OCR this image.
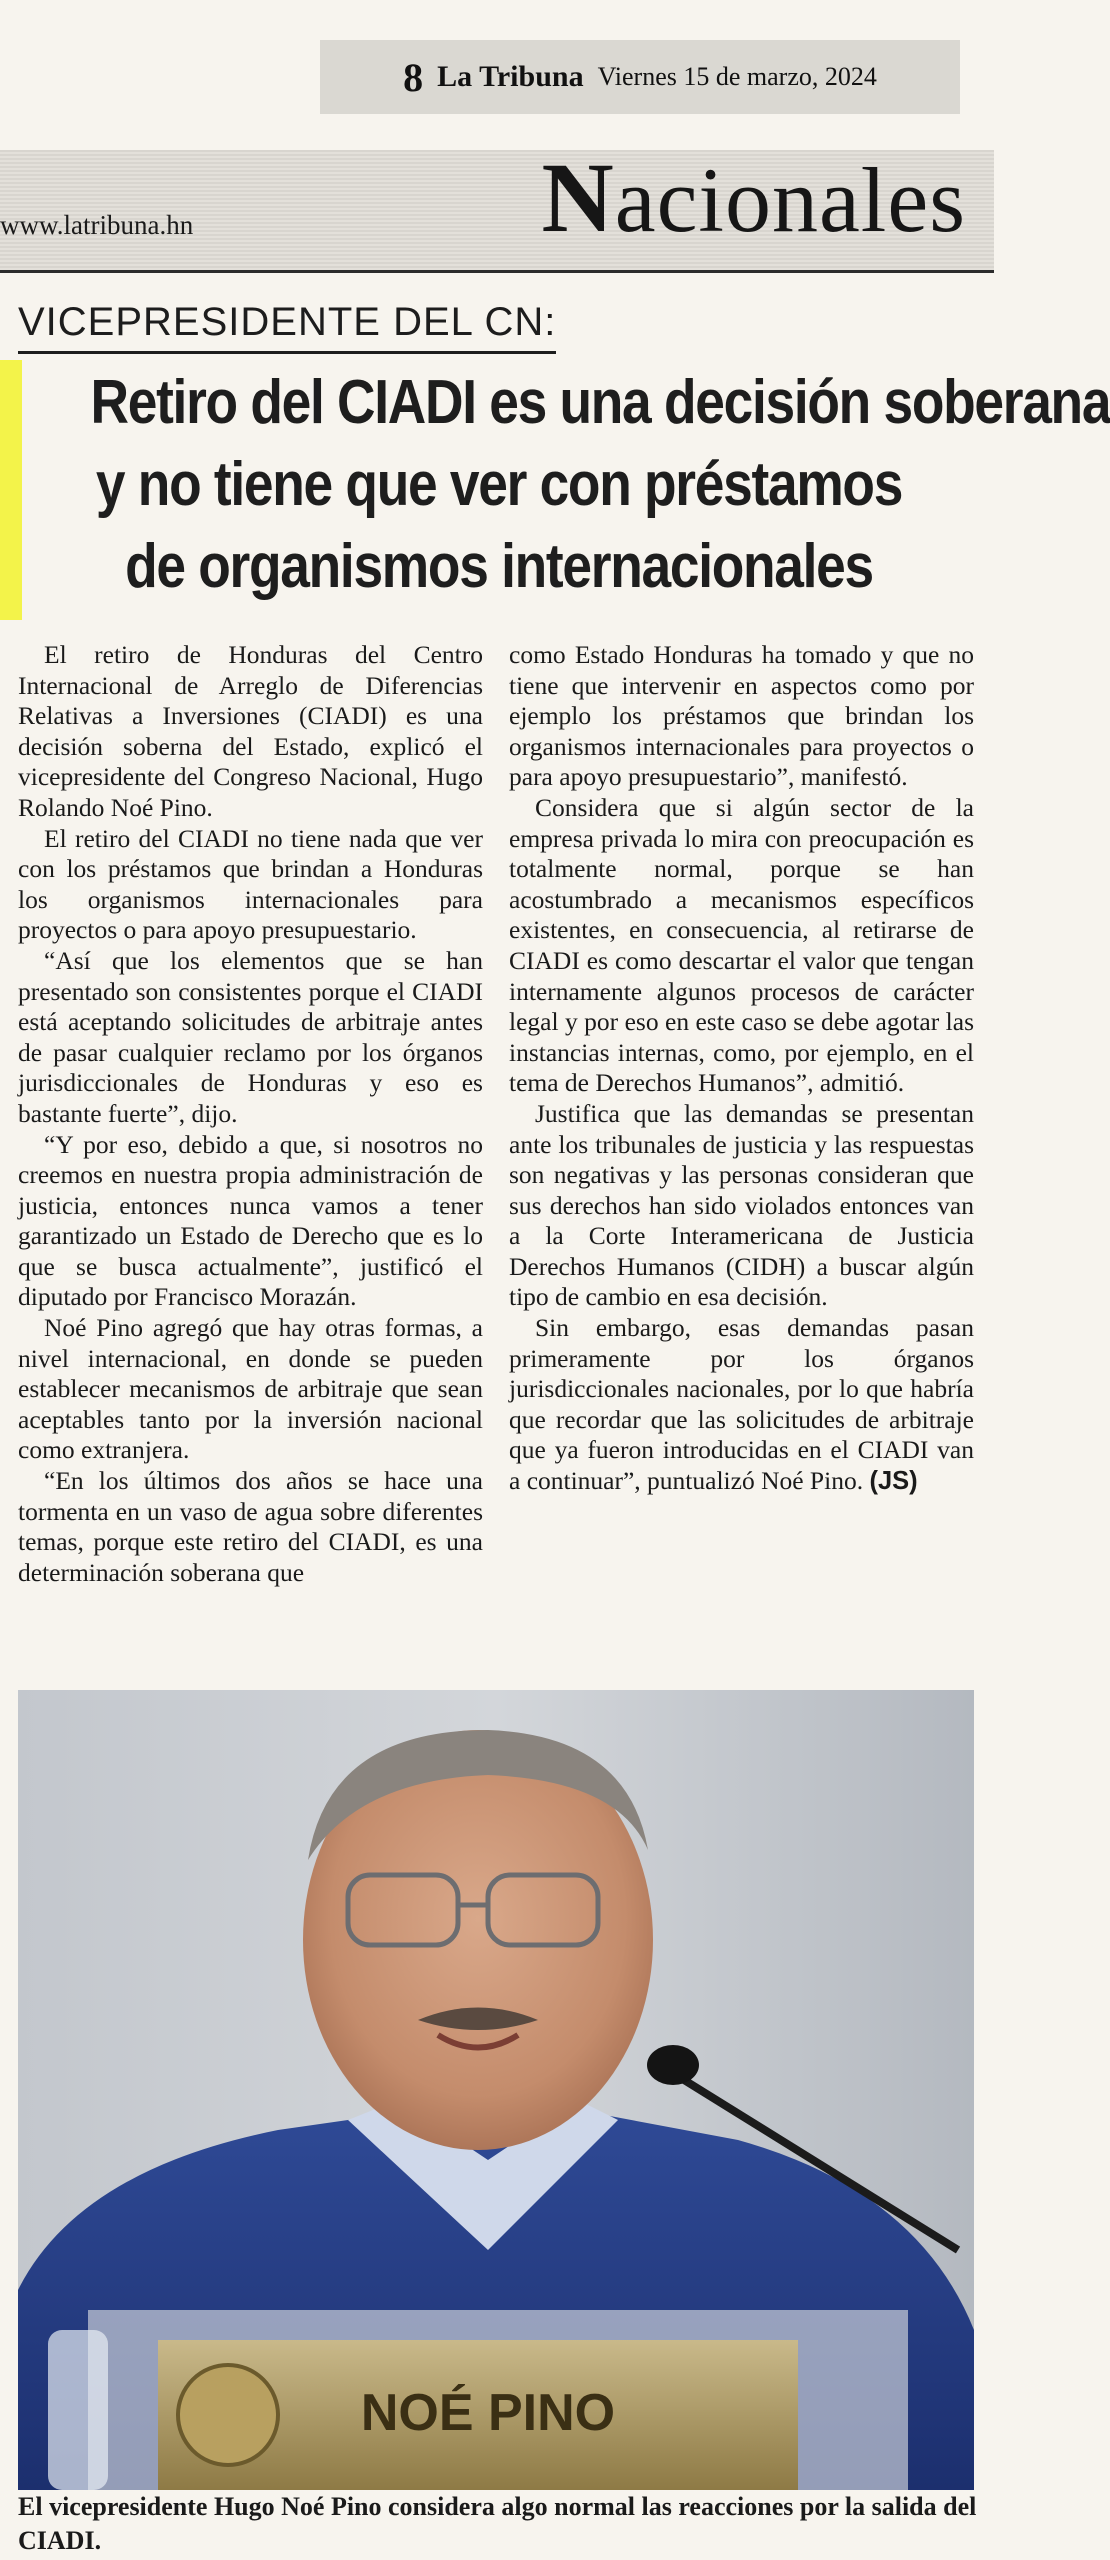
8 La Tribuna Viernes 15 de marzo, 2024
www.latribuna.hn	Nacionales
VICEPRESIDENTE DEL CN:
Retiro del CIADI es una decisión soberana
y no tiene que ver con préstamos
de organismos internacionales

El retiro de Honduras del Centro Internacional de Arreglo de Diferencias Relativas a Inversiones (CIADI) es una decisión soberna del Estado, explicó el vicepresidente del Congreso Nacional, Hugo Rolando Noé Pino.

El retiro del CIADI no tiene nada que ver con los préstamos que brindan a Honduras los organismos internacionales para proyectos o para apoyo presupuestario.

“Así que los elementos que se han presentado son consistentes porque el CIADI está aceptando solicitudes de arbitraje antes de pasar cualquier reclamo por los órganos jurisdiccionales de Honduras y eso es bastante fuerte”, dijo.

“Y por eso, debido a que, si nosotros no creemos en nuestra propia administración de justicia, entonces nunca vamos a tener garantizado un Estado de Derecho que es lo que se busca actualmente”, justificó el diputado por Francisco Morazán.

Noé Pino agregó que hay otras formas, a nivel internacional, en donde se pueden establecer mecanismos de arbitraje que sean aceptables tanto por la inversión nacional como extranjera.

“En los últimos dos años se hace una tormenta en un vaso de agua sobre diferentes temas, porque este retiro del CIADI, es una determinación soberana que

como Estado Honduras ha tomado y que no tiene que intervenir en aspectos como por ejemplo los préstamos que brindan los organismos internacionales para proyectos o para apoyo presupuestario”, manifestó.

Considera que si algún sector de la empresa privada lo mira con preocupación es totalmente normal, porque se han acostumbrado a mecanismos específicos existentes, en consecuencia, al retirarse de CIADI es como descartar el valor que tengan internamente algunos procesos de carácter legal y por eso en este caso se debe agotar las instancias internas, como, por ejemplo, en el tema de Derechos Humanos”, admitió.

Justifica que las demandas se presentan ante los tribunales de justicia y las respuestas son negativas y las personas consideran que sus derechos han sido violados entonces van a la Corte Interamericana de Justicia Derechos Humanos (CIDH) a buscar algún tipo de cambio en esa decisión.

Sin embargo, esas demandas pasan primeramente por los órganos jurisdiccionales nacionales, por lo que habría que recordar que las solicitudes de arbitraje que ya fueron introducidas en el CIADI van a continuar”, puntualizó Noé Pino. (JS)

NOÉ PINO
El vicepresidente Hugo Noé Pino considera algo normal las reacciones por la salida del CIADI.
